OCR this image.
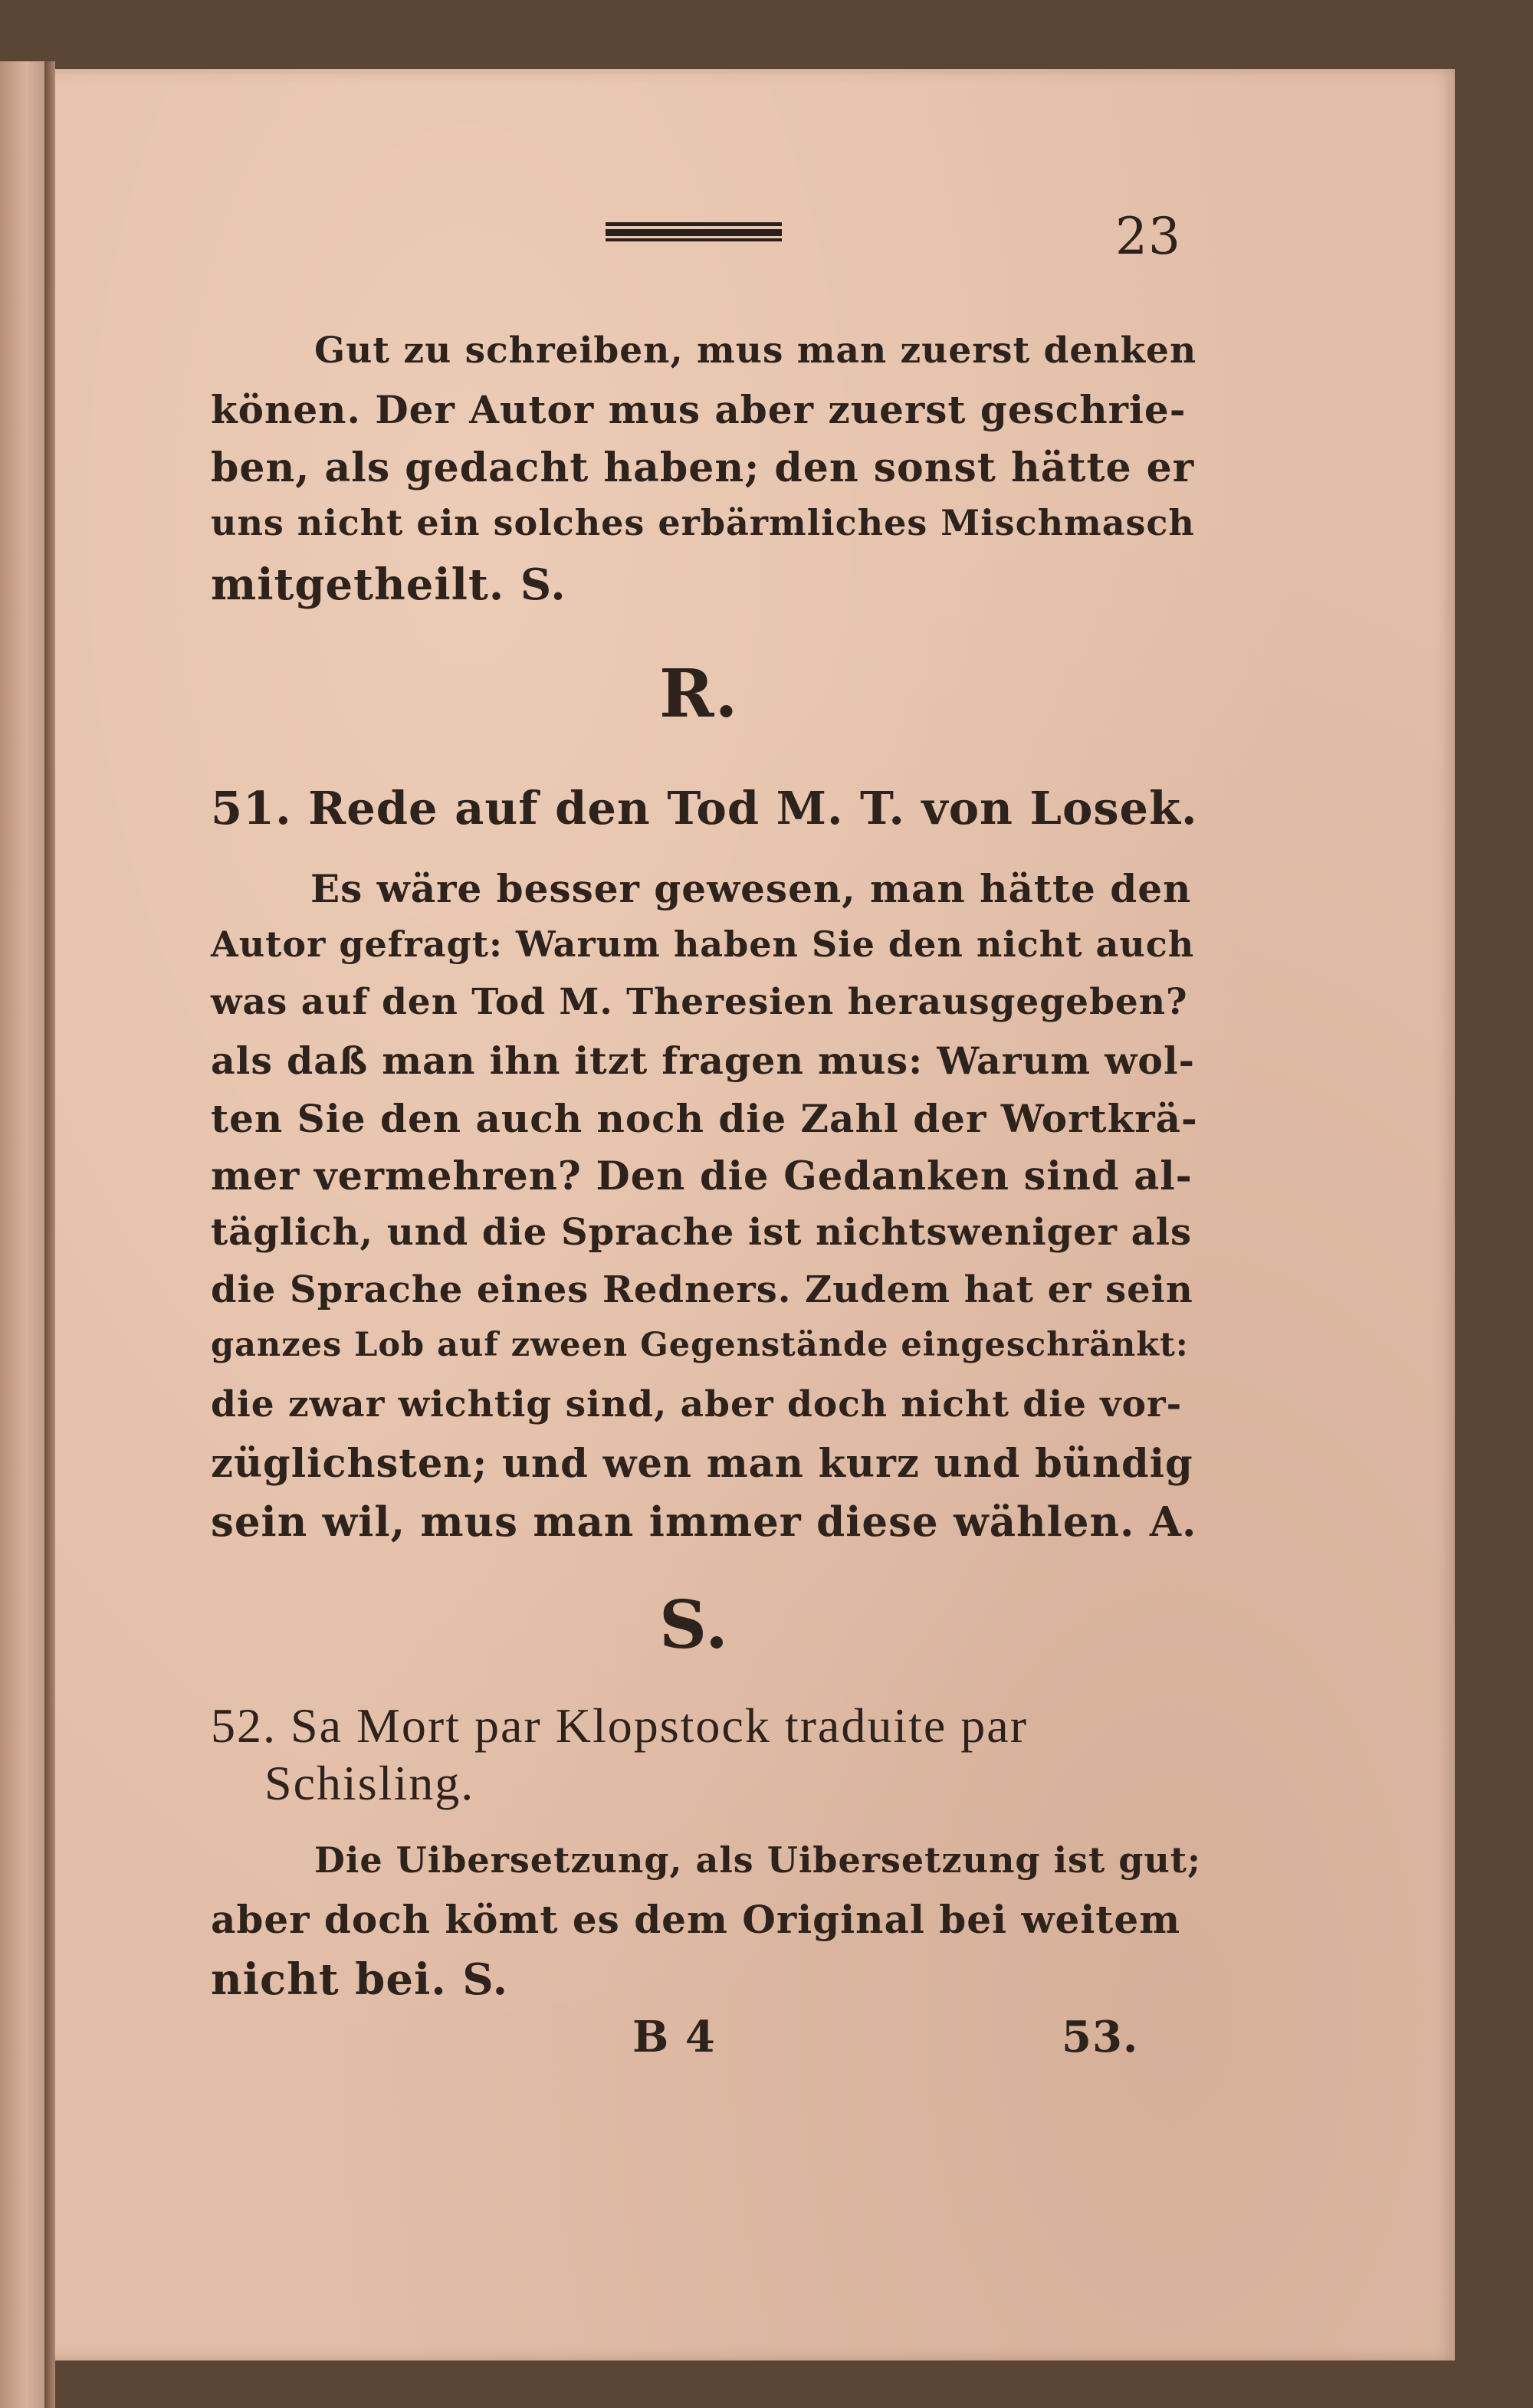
23
Gut zu schreiben, mus man zuerst denken
könen. Der Autor mus aber zuerst geschrie-
ben, als gedacht haben; den sonst hätte er
uns nicht ein solches erbärmliches Mischmasch
mitgetheilt. S.
R.
51. Rede auf den Tod M. T. von Losek.
Es wäre besser gewesen, man hätte den
Autor gefragt: Warum haben Sie den nicht auch
was auf den Tod M. Theresien herausgegeben?
als daß man ihn itzt fragen mus: Warum wol-
ten Sie den auch noch die Zahl der Wortkrä-
mer vermehren? Den die Gedanken sind al-
täglich, und die Sprache ist nichtsweniger als
die Sprache eines Redners. Zudem hat er sein
ganzes Lob auf zween Gegenstände eingeschränkt:
die zwar wichtig sind, aber doch nicht die vor-
züglichsten; und wen man kurz und bündig
sein wil, mus man immer diese wählen. A.
S.
52. Sa Mort par Klopstock traduite par
Schisling.
Die Uibersetzung, als Uibersetzung ist gut;
aber doch kömt es dem Original bei weitem
nicht bei. S.
B 4	53.
